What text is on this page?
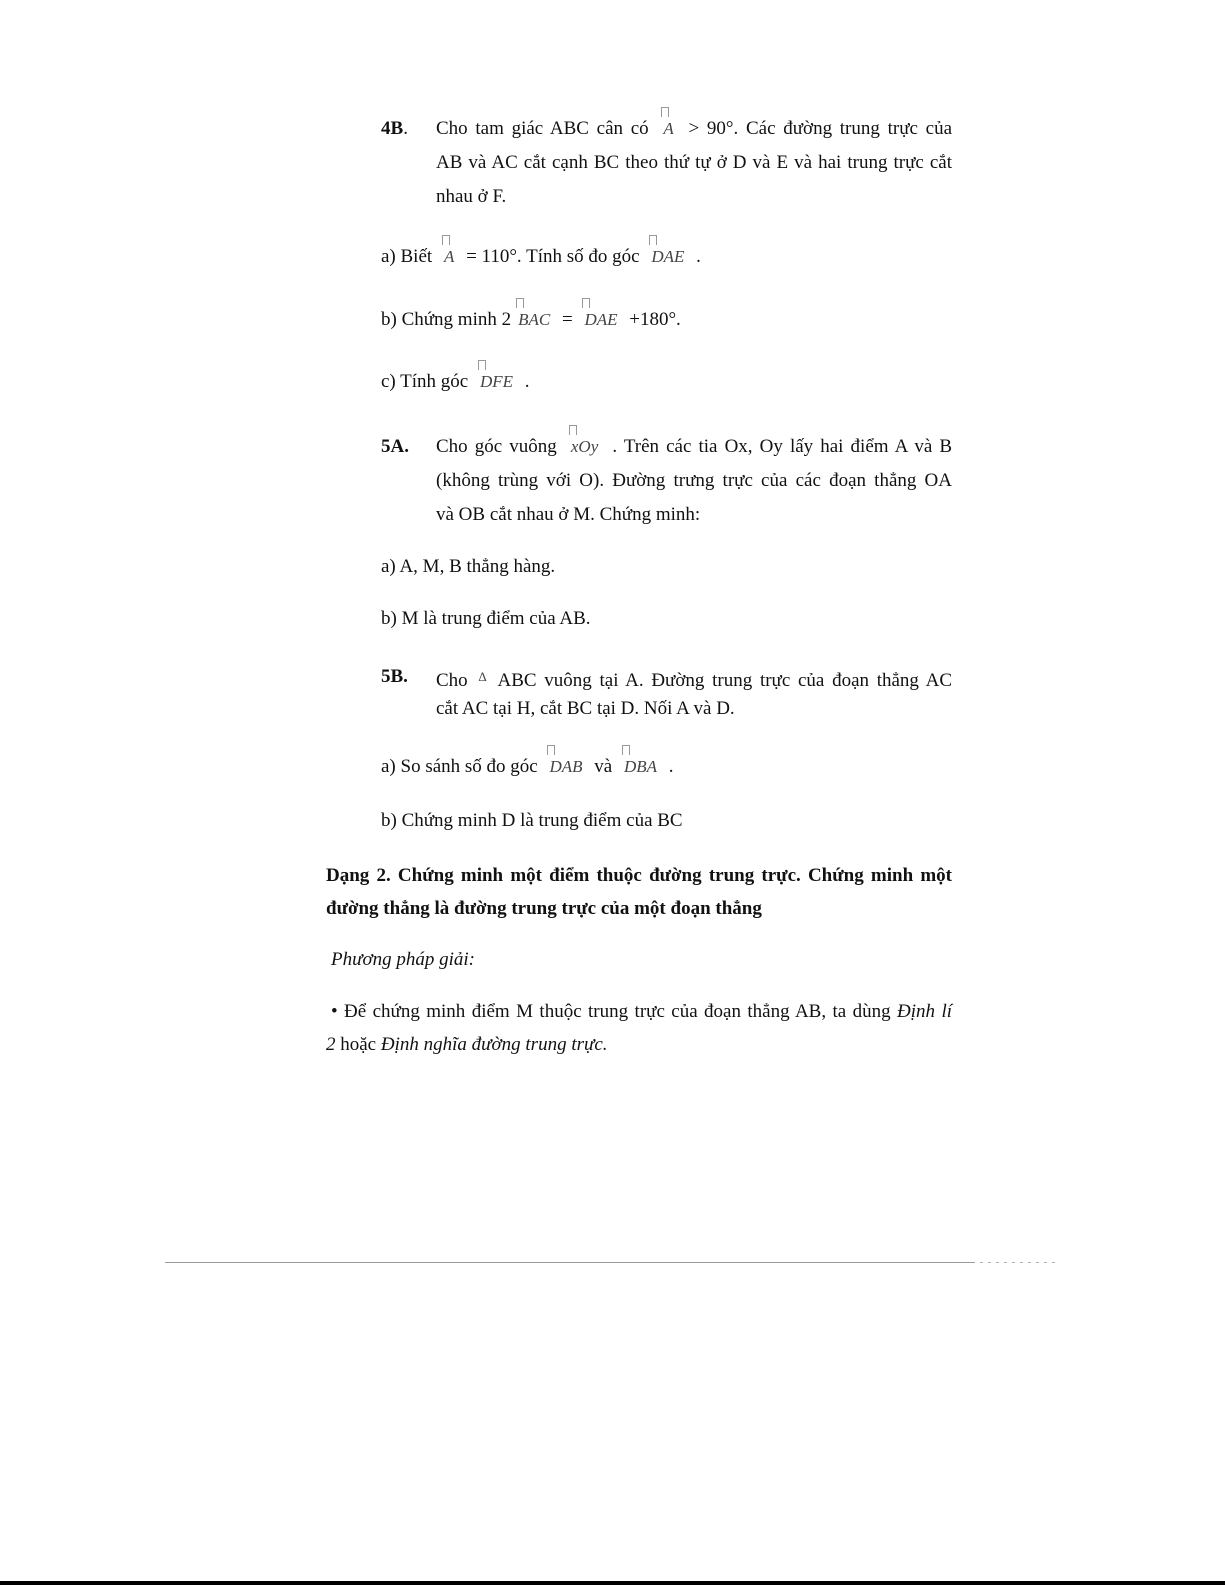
4B. Cho tam giác ABC cân có A > 90°. Các đường trung trực của
AB và AC cắt cạnh BC theo thứ tự ở D và E và hai trung trực cắt
nhau ở F.
a) Biết A = 110°. Tính số đo góc DAE .
b) Chứng minh 2 BAC = DAE +180°.
c) Tính góc DFE .
5A. Cho góc vuông xOy . Trên các tia Ox, Oy lấy hai điểm A và B
(không trùng với O). Đường trưng trực của các đoạn thẳng OA
và OB cắt nhau ở M. Chứng minh:
a) A, M, B thẳng hàng.
b) M là trung điểm của AB.
5B. Cho $^\Delta$ ABC vuông tại A. Đường trung trực của đoạn thẳng AC
cắt AC tại H, cắt BC tại D. Nối A và D.
a) So sánh số đo góc DAB và DBA .
b) Chứng minh D là trung điểm của BC
Dạng 2. Chứng minh một điểm thuộc đường trung trực. Chứng minh một
đường thẳng là đường trung trực của một đoạn thẳng
Phương pháp giải:
• Để chứng minh điểm M thuộc trung trực của đoạn thẳng AB, ta dùng Định lí
2 hoặc Định nghĩa đường trung trực.
